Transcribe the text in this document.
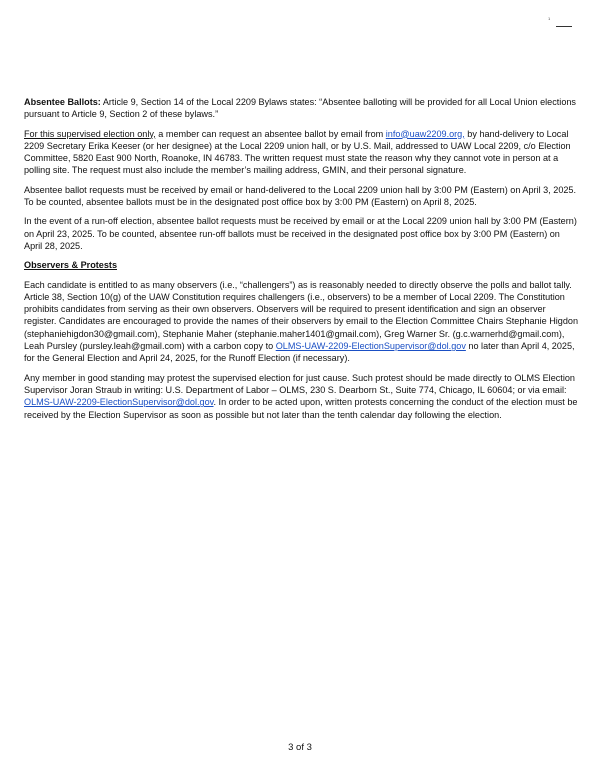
1

Absentee Ballots: Article 9, Section 14 of the Local 2209 Bylaws states: “Absentee balloting will be provided for all Local Union elections pursuant to Article 9, Section 2 of these bylaws.”

For this supervised election only, a member can request an absentee ballot by email from info@uaw2209.org, by hand-delivery to Local 2209 Secretary Erika Keeser (or her designee) at the Local 2209 union hall, or by U.S. Mail, addressed to UAW Local 2209, c/o Election Committee, 5820 East 900 North, Roanoke, IN 46783. The written request must state the reason why they cannot vote in person at a polling site. The request must also include the member’s mailing address, GMIN, and their personal signature.

Absentee ballot requests must be received by email or hand-delivered to the Local 2209 union hall by 3:00 PM (Eastern) on April 3, 2025. To be counted, absentee ballots must be in the designated post office box by 3:00 PM (Eastern) on April 8, 2025.

In the event of a run-off election, absentee ballot requests must be received by email or at the Local 2209 union hall by 3:00 PM (Eastern) on April 23, 2025. To be counted, absentee run-off ballots must be received in the designated post office box by 3:00 PM (Eastern) on April 28, 2025.

Observers & Protests

Each candidate is entitled to as many observers (i.e., “challengers”) as is reasonably needed to directly observe the polls and ballot tally. Article 38, Section 10(g) of the UAW Constitution requires challengers (i.e., observers) to be a member of Local 2209. The Constitution prohibits candidates from serving as their own observers. Observers will be required to present identification and sign an observer register. Candidates are encouraged to provide the names of their observers by email to the Election Committee Chairs Stephanie Higdon (stephaniehigdon30@gmail.com), Stephanie Maher (stephanie.maher1401@gmail.com), Greg Warner Sr. (g.c.warnerhd@gmail.com), Leah Pursley (pursley.leah@gmail.com) with a carbon copy to OLMS-UAW-2209-ElectionSupervisor@dol.gov no later than April 4, 2025, for the General Election and April 24, 2025, for the Runoff Election (if necessary).

Any member in good standing may protest the supervised election for just cause. Such protest should be made directly to OLMS Election Supervisor Joran Straub in writing: U.S. Department of Labor – OLMS, 230 S. Dearborn St., Suite 774, Chicago, IL 60604; or via email: OLMS-UAW-2209-ElectionSupervisor@dol.gov. In order to be acted upon, written protests concerning the conduct of the election must be received by the Election Supervisor as soon as possible but not later than the tenth calendar day following the election.

3 of 3
